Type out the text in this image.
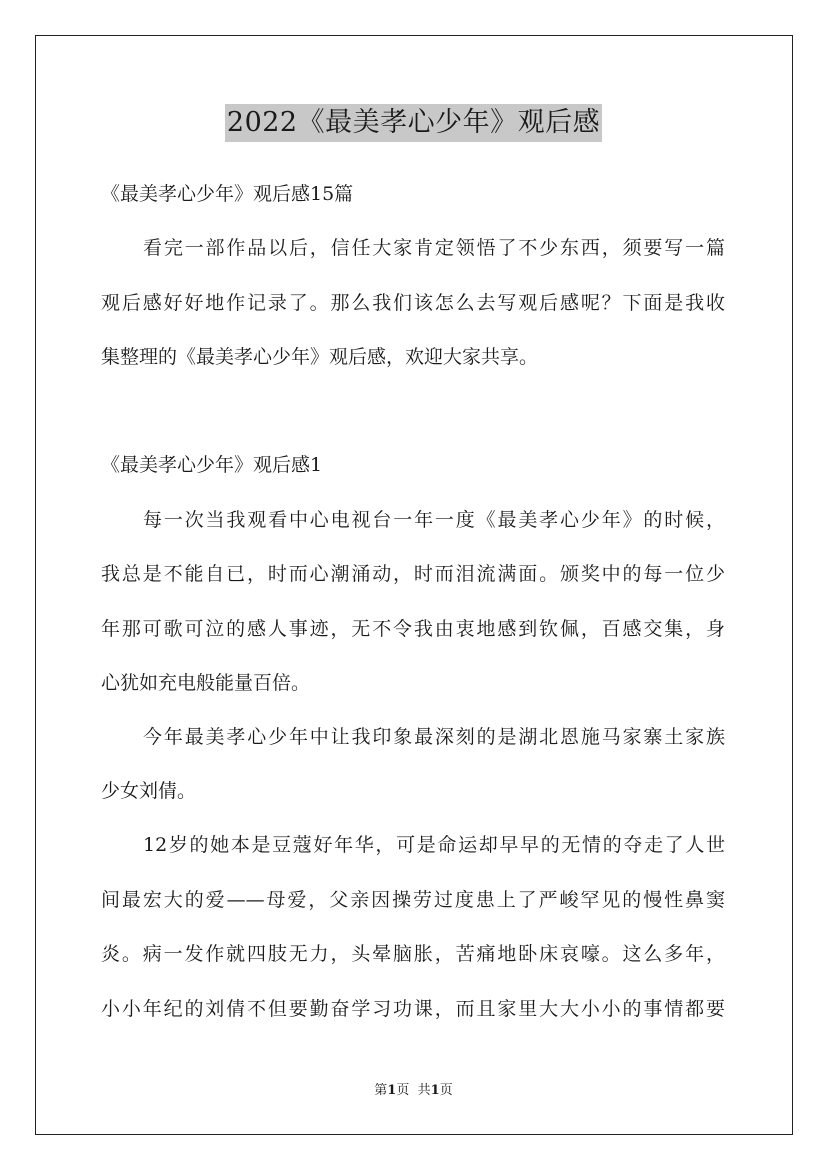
2022《最美孝心少年》观后感
《最美孝心少年》观后感15篇
看完一部作品以后，信任大家肯定领悟了不少东西，须要写一篇
观后感好好地作记录了。那么我们该怎么去写观后感呢？下面是我收
集整理的《最美孝心少年》观后感，欢迎大家共享。
《最美孝心少年》观后感1
每一次当我观看中心电视台一年一度《最美孝心少年》的时候，
我总是不能自已，时而心潮涌动，时而泪流满面。颁奖中的每一位少
年那可歌可泣的感人事迹，无不令我由衷地感到钦佩，百感交集，身
心犹如充电般能量百倍。
今年最美孝心少年中让我印象最深刻的是湖北恩施马家寨土家族
少女刘倩。
12岁的她本是豆蔻好年华，可是命运却早早的无情的夺走了人世
间最宏大的爱——母爱，父亲因操劳过度患上了严峻罕见的慢性鼻窦
炎。病一发作就四肢无力，头晕脑胀，苦痛地卧床哀嚎。这么多年，
小小年纪的刘倩不但要勤奋学习功课，而且家里大大小小的事情都要
第1页 共1页
